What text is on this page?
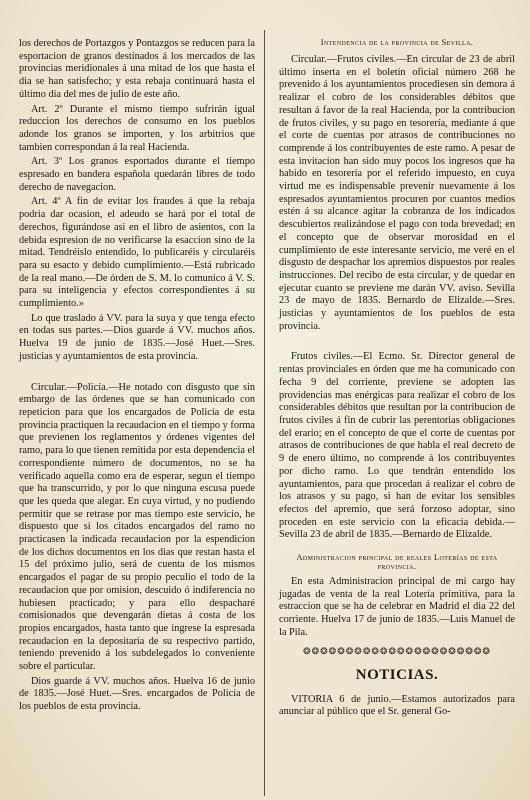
los derechos de Portazgos y Pontazgos se reducen para la esportacion de granos destinados á los mercados de las provincias meridionales á una mitad de los que hasta el dia se han satisfecho; y esta rebaja continuará hasta el último dia del mes de julio de este año.

Art. 2º Durante el mismo tiempo sufrirán igual reduccion los derechos de consumo en los pueblos adonde los granos se importen, y los arbitrios que tambien correspondan á la real Hacienda.

Art. 3º Los granos esportados durante el tiempo espresado en bandera española quedarán libres de todo derecho de navegacion.

Art. 4º A fin de evitar los fraudes á que la rebaja podria dar ocasion, el adeudo se hará por el total de derechos, figurándose asi en el libro de asientos, con la debida espresion de no verificarse la esaccion sino de la mitad. Tendréislo entendido, lo publicaréis y circularéis para su esacto y debido cumplimiento.—Está rubricado de la real mano.—De órden de S. M. lo comunico á V. S. para su inteligencia y efectos correspondientes á su cumplimiento.»

Lo que traslado á VV. para la suya y que tenga efecto en todas sus partes.—Dios guarde á VV. muchos años. Huelva 19 de junio de 1835.—José Huet.—Sres. justicias y ayuntamientos de esta provincia.

Circular.—Policía.—He notado con disgusto que sin embargo de las órdenes que se han comunicado con repeticion para que los encargados de Policía de esta provincia practiquen la recaudacion en el tiempo y forma que previenen los reglamentos y órdenes vigentes del ramo, para lo que tienen remitida por esta dependencia el correspondiente número de documentos, no se ha verificado aquella como era de esperar, segun el tiempo que ha transcurrido, y por lo que ninguna escusa puede que les queda que alegar. En cuya virtud, y no pudiendo permitir que se retrase por mas tiempo este servicio, he dispuesto que si los citados encargados del ramo no practicasen la indicada recaudacion por la espendicion de los dichos documentos en los dias que restan hasta el 15 del próximo julio, será de cuenta de los mismos encargados el pagar de su propio peculio el todo de la recaudacion que por omision, descuido ó indiferencia no hubiesen practicado; y para ello despacharé comisionados que devengarán dietas á costa de los propios encargados, hasta tanto que ingrese la espresada recaudacion en la depositaría de su respectivo partido, teniendo prevenido á los subdelegados lo conveniente sobre el particular.

Dios guarde á VV. muchos años. Huelva 16 de junio de 1835.—José Huet.—Sres. encargados de Policía de los pueblos de esta provincia.

Intendencia de la provincia de Sevilla.

Circular.—Frutos civiles.—En circular de 23 de abril último inserta en el boletín oficial número 268 he prevenido á los ayuntamientos procediesen sin demora á realizar el cobro de los considerables débitos que resultan á favor de la real Hacienda, por la contribucion de frutos civiles, y su pago en tesorería, mediante á que el corte de cuentas por atrasos de contribuciones no comprende á los contribuyentes de este ramo. A pesar de esta invitacion han sido muy pocos los ingresos que ha habido en tesorería por el referido impuesto, en cuya virtud me es indispensable prevenir nuevamente á los espresados ayuntamientos procuren por cuantos medios estén á su alcance agitar la cobranza de los indicados descubiertos realizándose el pago con toda brevedad; en el concepto que de observar morosidad en el cumplimiento de este interesante servicio, me veré en el disgusto de despachar los apremios dispuestos por reales instrucciones. Del recibo de esta circular, y de quedar en ejecutar cuanto se previene me darán VV. aviso. Sevilla 23 de mayo de 1835. Bernardo de Elizalde.—Sres. justicias y ayuntamientos de los pueblos de esta provincia.

Frutos civiles.—El Ecmo. Sr. Director general de rentas provinciales en órden que me ha comunicado con fecha 9 del corriente, previene se adopten las providencias mas enérgicas para realizar el cobro de los considerables débitos que resultan por la contribucion de frutos civiles á fin de cubrir las perentorias obligaciones del erario; en el concepto de que el corte de cuentas por atrasos de contribuciones de que habla el real decreto de 9 de enero último, no comprende á los contribuyentes por dicho ramo. Lo que tendrán entendido los ayuntamientos, para que procedan á realizar el cobro de los atrasos y su pago, si han de evitar los sensibles efectos del apremio, que será forzoso adoptar, sino proceden en este servicio con la eficacia debida.—Sevilla 23 de abril de 1835.—Bernardo de Elizalde.

Administracion principal de reales Loterías de esta provincia.

En esta Administracion principal de mi cargo hay jugadas de venta de la real Lotería primitiva, para la estraccion que se ha de celebrar en Madrid el dia 22 del corriente. Huelva 17 de junio de 1835.—Luis Manuel de la Pila.

❂❂❂❂❂❂❂❂❂❂❂❂❂❂❂❂❂❂❂❂❂❂
NOTICIAS.

VITORIA 6 de junio.—Estamos autorizados para anunciar al público que el Sr. general Go-
